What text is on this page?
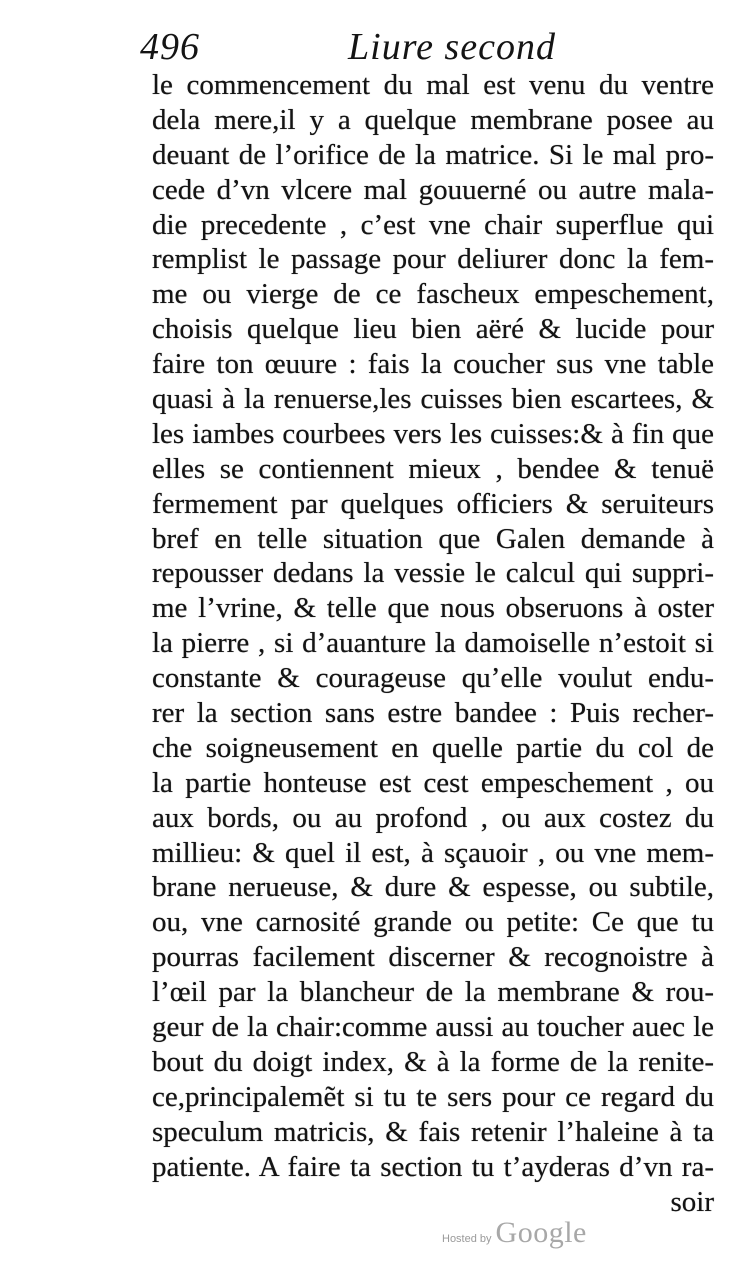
496	Liure second
le commencement du mal est venu du ventre
dela mere,il y a quelque membrane posee au
deuant de l’orifice de la matrice. Si le mal pro-
cede d’vn vlcere mal gouuerné ou autre mala-
die precedente , c’est vne chair superflue qui
remplist le passage pour deliurer donc la fem-
me ou vierge de ce fascheux empeschement,
choisis quelque lieu bien aëré & lucide pour
faire ton œuure : fais la coucher sus vne table
quasi à la renuerse,les cuisses bien escartees, &
les iambes courbees vers les cuisses:& à fin que
elles se contiennent mieux , bendee & tenuë
fermement par quelques officiers & seruiteurs
bref en telle situation que Galen demande à
repousser dedans la vessie le calcul qui suppri-
me l’vrine, & telle que nous obseruons à oster
la pierre , si d’auanture la damoiselle n’estoit si
constante & courageuse qu’elle voulut endu-
rer la section sans estre bandee : Puis recher-
che soigneusement en quelle partie du col de
la partie honteuse est cest empeschement , ou
aux bords, ou au profond , ou aux costez du
millieu: & quel il est, à sçauoir , ou vne mem-
brane nerueuse, & dure & espesse, ou subtile,
ou, vne carnosité grande ou petite: Ce que tu
pourras facilement discerner & recognoistre à
l’œil par la blancheur de la membrane & rou-
geur de la chair:comme aussi au toucher auec le
bout du doigt index, & à la forme de la renite-
ce,principalemẽt si tu te sers pour ce regard du
speculum matricis, & fais retenir l’haleine à ta
patiente. A faire ta section tu t’ayderas d’vn ra-
soir
Hosted by Google
